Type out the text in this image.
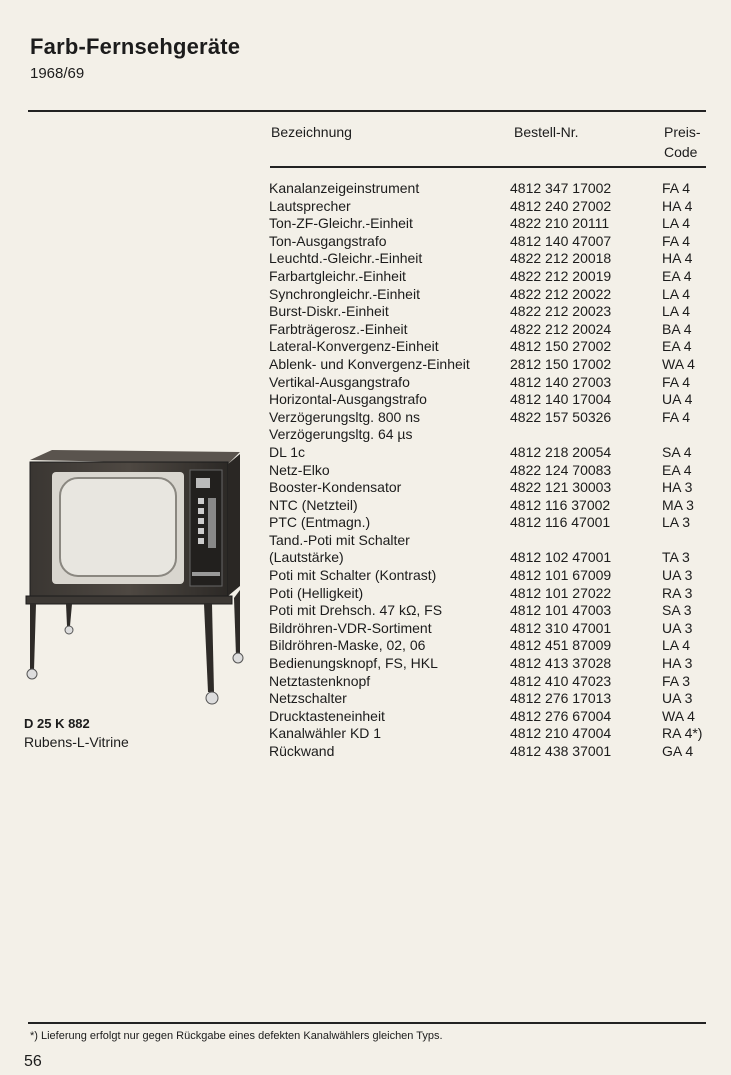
Farb-Fernsehgeräte
1968/69
Bezeichnung	Bestell-Nr.	Preis-
Code
Kanalanzeigeinstrument	4812 347 17002	FA 4
Lautsprecher	4812 240 27002	HA 4
Ton-ZF-Gleichr.-Einheit	4822 210 20111	LA 4
Ton-Ausgangstrafo	4812 140 47007	FA 4
Leuchtd.-Gleichr.-Einheit	4822 212 20018	HA 4
Farbartgleichr.-Einheit	4822 212 20019	EA 4
Synchrongleichr.-Einheit	4822 212 20022	LA 4
Burst-Diskr.-Einheit	4822 212 20023	LA 4
Farbträgerosz.-Einheit	4822 212 20024	BA 4
Lateral-Konvergenz-Einheit	4812 150 27002	EA 4
Ablenk- und Konvergenz-Einheit	2812 150 17002	WA 4
Vertikal-Ausgangstrafo	4812 140 27003	FA 4
Horizontal-Ausgangstrafo	4812 140 17004	UA 4
Verzögerungsltg. 800 ns	4822 157 50326	FA 4
Verzögerungsltg. 64 µs
DL 1c	4812 218 20054	SA 4
Netz-Elko	4822 124 70083	EA 4
Booster-Kondensator	4822 121 30003	HA 3
NTC (Netzteil)	4812 116 37002	MA 3
PTC (Entmagn.)	4812 116 47001	LA 3
Tand.-Poti mit Schalter
(Lautstärke)	4812 102 47001	TA 3
Poti mit Schalter (Kontrast)	4812 101 67009	UA 3
Poti (Helligkeit)	4812 101 27022	RA 3
Poti mit Drehsch. 47 kΩ, FS	4812 101 47003	SA 3
Bildröhren-VDR-Sortiment	4812 310 47001	UA 3
Bildröhren-Maske, 02, 06	4812 451 87009	LA 4
Bedienungsknopf, FS, HKL	4812 413 37028	HA 3
Netztastenknopf	4812 410 47023	FA 3
Netzschalter	4812 276 17013	UA 3
Drucktasteneinheit	4812 276 67004	WA 4
Kanalwähler KD 1	4812 210 47004	RA 4*)
Rückwand	4812 438 37001	GA 4
D 25 K 882
Rubens-L-Vitrine
*) Lieferung erfolgt nur gegen Rückgabe eines defekten Kanalwählers gleichen Typs.
56
